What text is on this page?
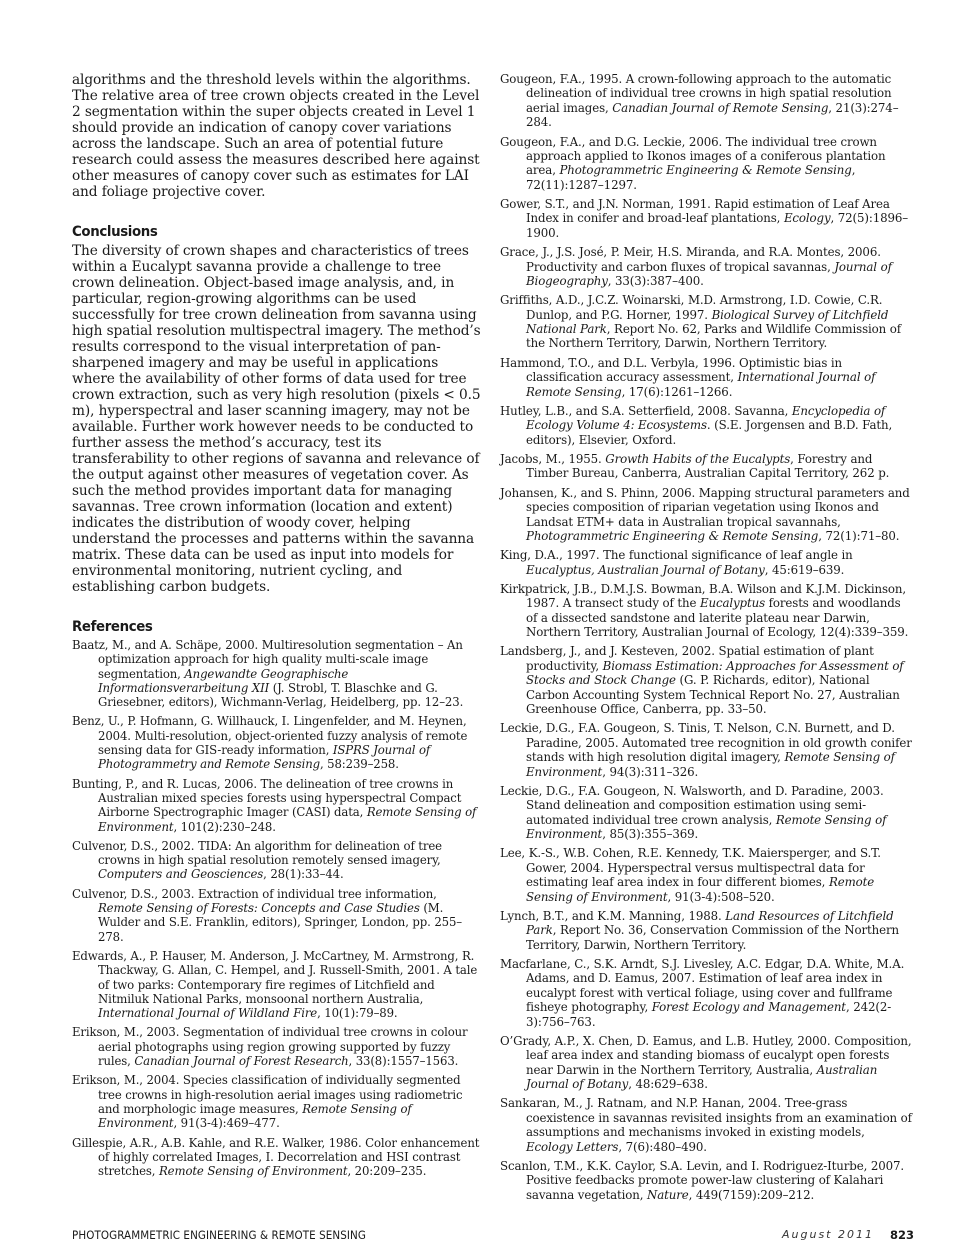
algorithms and the threshold levels within the algorithms. The relative area of tree crown objects created in the Level 2 segmentation within the super objects created in Level 1 should provide an indication of canopy cover variations across the landscape. Such an area of potential future research could assess the measures described here against other measures of canopy cover such as estimates for LAI and foliage projective cover.

Conclusions

The diversity of crown shapes and characteristics of trees within a Eucalypt savanna provide a challenge to tree crown delineation. Object-based image analysis, and, in particular, region-growing algorithms can be used successfully for tree crown delineation from savanna using high spatial resolution multispectral imagery. The method’s results correspond to the visual interpretation of pan-sharpened imagery and may be useful in applications where the availability of other forms of data used for tree crown extraction, such as very high resolution (pixels < 0.5 m), hyperspectral and laser scanning imagery, may not be available. Further work however needs to be conducted to further assess the method’s accuracy, test its transferability to other regions of savanna and relevance of the output against other measures of vegetation cover. As such the method provides important data for managing savannas. Tree crown information (location and extent) indicates the distribution of woody cover, helping understand the processes and patterns within the savanna matrix. These data can be used as input into models for environmental monitoring, nutrient cycling, and establishing carbon budgets.

References

Baatz, M., and A. Schäpe, 2000. Multiresolution segmentation – An optimization approach for high quality multi-scale image segmentation, Angewandte Geographische Informationsverarbeitung XII (J. Strobl, T. Blaschke and G. Griesebner, editors), Wichmann-Verlag, Heidelberg, pp. 12–23.

Benz, U., P. Hofmann, G. Willhauck, I. Lingenfelder, and M. Heynen, 2004. Multi-resolution, object-oriented fuzzy analysis of remote sensing data for GIS-ready information, ISPRS Journal of Photogrammetry and Remote Sensing, 58:239–258.

Bunting, P., and R. Lucas, 2006. The delineation of tree crowns in Australian mixed species forests using hyperspectral Compact Airborne Spectrographic Imager (CASI) data, Remote Sensing of Environment, 101(2):230–248.

Culvenor, D.S., 2002. TIDA: An algorithm for delineation of tree crowns in high spatial resolution remotely sensed imagery, Computers and Geosciences, 28(1):33–44.

Culvenor, D.S., 2003. Extraction of individual tree information, Remote Sensing of Forests: Concepts and Case Studies (M. Wulder and S.E. Franklin, editors), Springer, London, pp. 255–278.

Edwards, A., P. Hauser, M. Anderson, J. McCartney, M. Armstrong, R. Thackway, G. Allan, C. Hempel, and J. Russell-Smith, 2001. A tale of two parks: Contemporary fire regimes of Litchfield and Nitmiluk National Parks, monsoonal northern Australia, International Journal of Wildland Fire, 10(1):79–89.

Erikson, M., 2003. Segmentation of individual tree crowns in colour aerial photographs using region growing supported by fuzzy rules, Canadian Journal of Forest Research, 33(8):1557–1563.

Erikson, M., 2004. Species classification of individually segmented tree crowns in high-resolution aerial images using radiometric and morphologic image measures, Remote Sensing of Environment, 91(3-4):469–477.

Gillespie, A.R., A.B. Kahle, and R.E. Walker, 1986. Color enhancement of highly correlated Images, I. Decorrelation and HSI contrast stretches, Remote Sensing of Environment, 20:209–235.

Gougeon, F.A., 1995. A crown-following approach to the automatic delineation of individual tree crowns in high spatial resolution aerial images, Canadian Journal of Remote Sensing, 21(3):274–284.

Gougeon, F.A., and D.G. Leckie, 2006. The individual tree crown approach applied to Ikonos images of a coniferous plantation area, Photogrammetric Engineering & Remote Sensing, 72(11):1287–1297.

Gower, S.T., and J.N. Norman, 1991. Rapid estimation of Leaf Area Index in conifer and broad-leaf plantations, Ecology, 72(5):1896–1900.

Grace, J., J.S. José, P. Meir, H.S. Miranda, and R.A. Montes, 2006. Productivity and carbon fluxes of tropical savannas, Journal of Biogeography, 33(3):387–400.

Griffiths, A.D., J.C.Z. Woinarski, M.D. Armstrong, I.D. Cowie, C.R. Dunlop, and P.G. Horner, 1997. Biological Survey of Litchfield National Park, Report No. 62, Parks and Wildlife Commission of the Northern Territory, Darwin, Northern Territory.

Hammond, T.O., and D.L. Verbyla, 1996. Optimistic bias in classification accuracy assessment, International Journal of Remote Sensing, 17(6):1261–1266.

Hutley, L.B., and S.A. Setterfield, 2008. Savanna, Encyclopedia of Ecology Volume 4: Ecosystems. (S.E. Jorgensen and B.D. Fath, editors), Elsevier, Oxford.

Jacobs, M., 1955. Growth Habits of the Eucalypts, Forestry and Timber Bureau, Canberra, Australian Capital Territory, 262 p.

Johansen, K., and S. Phinn, 2006. Mapping structural parameters and species composition of riparian vegetation using Ikonos and Landsat ETM+ data in Australian tropical savannahs, Photogrammetric Engineering & Remote Sensing, 72(1):71–80.

King, D.A., 1997. The functional significance of leaf angle in Eucalyptus, Australian Journal of Botany, 45:619–639.

Kirkpatrick, J.B., D.M.J.S. Bowman, B.A. Wilson and K.J.M. Dickinson, 1987. A transect study of the Eucalyptus forests and woodlands of a dissected sandstone and laterite plateau near Darwin, Northern Territory, Australian Journal of Ecology, 12(4):339–359.

Landsberg, J., and J. Kesteven, 2002. Spatial estimation of plant productivity, Biomass Estimation: Approaches for Assessment of Stocks and Stock Change (G. P. Richards, editor), National Carbon Accounting System Technical Report No. 27, Australian Greenhouse Office, Canberra, pp. 33–50.

Leckie, D.G., F.A. Gougeon, S. Tinis, T. Nelson, C.N. Burnett, and D. Paradine, 2005. Automated tree recognition in old growth conifer stands with high resolution digital imagery, Remote Sensing of Environment, 94(3):311–326.

Leckie, D.G., F.A. Gougeon, N. Walsworth, and D. Paradine, 2003. Stand delineation and composition estimation using semi-automated individual tree crown analysis, Remote Sensing of Environment, 85(3):355–369.

Lee, K.-S., W.B. Cohen, R.E. Kennedy, T.K. Maiersperger, and S.T. Gower, 2004. Hyperspectral versus multispectral data for estimating leaf area index in four different biomes, Remote Sensing of Environment, 91(3-4):508–520.

Lynch, B.T., and K.M. Manning, 1988. Land Resources of Litchfield Park, Report No. 36, Conservation Commission of the Northern Territory, Darwin, Northern Territory.

Macfarlane, C., S.K. Arndt, S.J. Livesley, A.C. Edgar, D.A. White, M.A. Adams, and D. Eamus, 2007. Estimation of leaf area index in eucalypt forest with vertical foliage, using cover and fullframe fisheye photography, Forest Ecology and Management, 242(2-3):756–763.

O’Grady, A.P., X. Chen, D. Eamus, and L.B. Hutley, 2000. Composition, leaf area index and standing biomass of eucalypt open forests near Darwin in the Northern Territory, Australia, Australian Journal of Botany, 48:629–638.

Sankaran, M., J. Ratnam, and N.P. Hanan, 2004. Tree-grass coexistence in savannas revisited insights from an examination of assumptions and mechanisms invoked in existing models, Ecology Letters, 7(6):480–490.

Scanlon, T.M., K.K. Caylor, S.A. Levin, and I. Rodriguez-Iturbe, 2007. Positive feedbacks promote power-law clustering of Kalahari savanna vegetation, Nature, 449(7159):209–212.

PHOTOGRAMMETRIC ENGINEERING & REMOTE SENSING	August 2011 823
